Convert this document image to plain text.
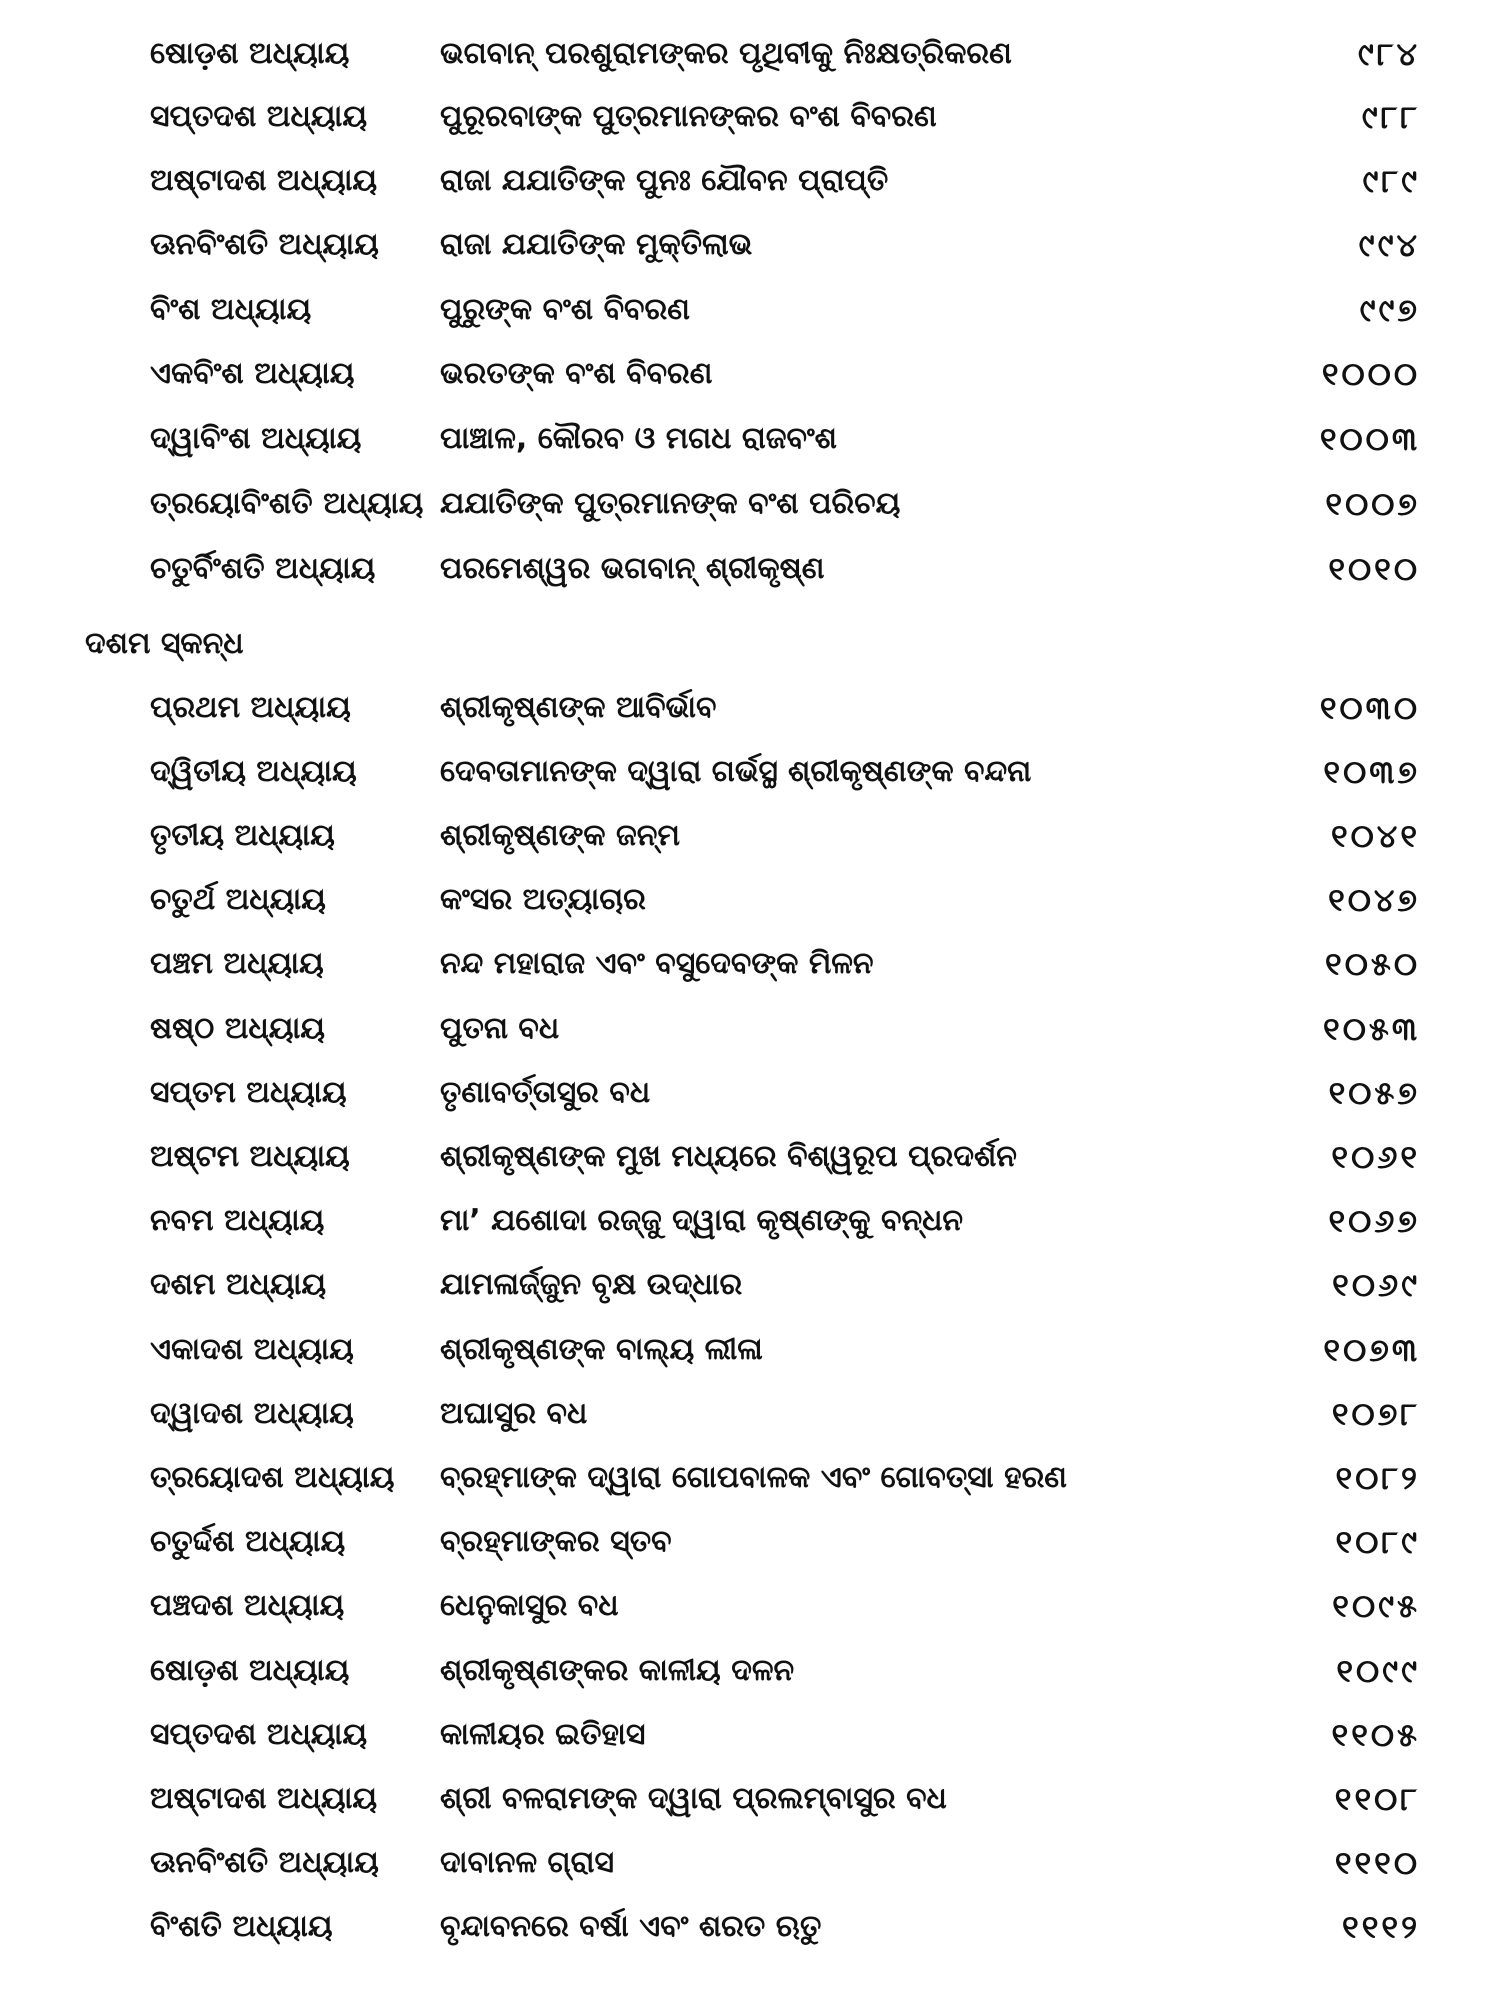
ଷୋଡ଼ଶ ଅଧ୍ୟାୟ	ଭଗବାନ୍ ପରଶୁରାମଙ୍କର ପୃଥିବୀକୁ ନିଃକ୍ଷତ୍ରିକରଣ	୯୮୪
ସପ୍ତଦଶ ଅଧ୍ୟାୟ	ପୁରୂରବାଙ୍କ ପୁତ୍ରମାନଙ୍କର ବଂଶ ବିବରଣ	୯୮୮
ଅଷ୍ଟାଦଶ ଅଧ୍ୟାୟ	ରାଜା ଯଯାତିଙ୍କ ପୁନଃ ଯୌବନ ପ୍ରାପ୍ତି	୯୮୯
ଊନବିଂଶତି ଅଧ୍ୟାୟ	ରାଜା ଯଯାତିଙ୍କ ମୁକ୍ତିଲାଭ	୯୯୪
ବିଂଶ ଅଧ୍ୟାୟ	ପୁରୁଙ୍କ ବଂଶ ବିବରଣ	୯୯୭
ଏକବିଂଶ ଅଧ୍ୟାୟ	ଭରତଙ୍କ ବଂଶ ବିବରଣ	୧୦୦୦
ଦ୍ୱାବିଂଶ ଅଧ୍ୟାୟ	ପାଞ୍ଚାଳ, କୌରବ ଓ ମଗଧ ରାଜବଂଶ	୧୦୦୩
ତ୍ରୟୋବିଂଶତି ଅଧ୍ୟାୟ ଯଯାତିଙ୍କ ପୁତ୍ରମାନଙ୍କ ବଂଶ ପରିଚୟ	୧୦୦୭
ଚତୁର୍ବିଂଶତି ଅଧ୍ୟାୟ	ପରମେଶ୍ୱର ଭଗବାନ୍ ଶ୍ରୀକୃଷ୍ଣ	୧୦୧୦
ଦଶମ ସ୍କନ୍ଧ
ପ୍ରଥମ ଅଧ୍ୟାୟ	ଶ୍ରୀକୃଷ୍ଣଙ୍କ ଆବିର୍ଭାବ	୧୦୩୦
ଦ୍ୱିତୀୟ ଅଧ୍ୟାୟ	ଦେବତାମାନଙ୍କ ଦ୍ୱାରା ଗର୍ଭସ୍ଥ ଶ୍ରୀକୃଷ୍ଣଙ୍କ ବନ୍ଦନା	୧୦୩୭
ତୃତୀୟ ଅଧ୍ୟାୟ	ଶ୍ରୀକୃଷ୍ଣଙ୍କ ଜନ୍ମ	୧୦୪୧
ଚତୁର୍ଥ ଅଧ୍ୟାୟ	କଂସର ଅତ୍ୟାଚାର	୧୦୪୭
ପଞ୍ଚମ ଅଧ୍ୟାୟ	ନନ୍ଦ ମହାରାଜ ଏବଂ ବସୁଦେବଙ୍କ ମିଳନ	୧୦୫୦
ଷଷ୍ଠ ଅଧ୍ୟାୟ	ପୁତନା ବଧ	୧୦୫୩
ସପ୍ତମ ଅଧ୍ୟାୟ	ତୃଣାବର୍ତ୍ତାସୁର ବଧ	୧୦୫୭
ଅଷ୍ଟମ ଅଧ୍ୟାୟ	ଶ୍ରୀକୃଷ୍ଣଙ୍କ ମୁଖ ମଧ୍ୟରେ ବିଶ୍ୱରୂପ ପ୍ରଦର୍ଶନ	୧୦୬୧
ନବମ ଅଧ୍ୟାୟ	ମା’ ଯଶୋଦା ରଜ୍ଜୁ ଦ୍ୱାରା କୃଷ୍ଣଙ୍କୁ ବନ୍ଧନ	୧୦୬୭
ଦଶମ ଅଧ୍ୟାୟ	ଯାମଳାର୍ଜ୍ଜୁନ ବୃକ୍ଷ ଉଦ୍ଧାର	୧୦୬୯
ଏକାଦଶ ଅଧ୍ୟାୟ	ଶ୍ରୀକୃଷ୍ଣଙ୍କ ବାଲ୍ୟ ଲୀଳା	୧୦୭୩
ଦ୍ୱାଦଶ ଅଧ୍ୟାୟ	ଅଘାସୁର ବଧ	୧୦୭୮
ତ୍ରୟୋଦଶ ଅଧ୍ୟାୟ	ବ୍ରହ୍ମାଙ୍କ ଦ୍ୱାରା ଗୋପବାଳକ ଏବଂ ଗୋବତ୍ସା ହରଣ	୧୦୮୨
ଚତୁର୍ଦ୍ଦଶ ଅଧ୍ୟାୟ	ବ୍ରହ୍ମାଙ୍କର ସ୍ତବ	୧୦୮୯
ପଞ୍ଚଦଶ ଅଧ୍ୟାୟ	ଧେନୁକାସୁର ବଧ	୧୦୯୫
ଷୋଡ଼ଶ ଅଧ୍ୟାୟ	ଶ୍ରୀକୃଷ୍ଣଙ୍କର କାଳୀୟ ଦଳନ	୧୦୯୯
ସପ୍ତଦଶ ଅଧ୍ୟାୟ	କାଳୀୟର ଇତିହାସ	୧୧୦୫
ଅଷ୍ଟାଦଶ ଅଧ୍ୟାୟ	ଶ୍ରୀ ବଳରାମଙ୍କ ଦ୍ୱାରା ପ୍ରଲମ୍ବାସୁର ବଧ	୧୧୦୮
ଊନବିଂଶତି ଅଧ୍ୟାୟ	ଦାବାନଳ ଗ୍ରାସ	୧୧୧୦
ବିଂଶତି ଅଧ୍ୟାୟ	ବୃନ୍ଦାବନରେ ବର୍ଷା ଏବଂ ଶରତ ଋତୁ	୧୧୧୨
